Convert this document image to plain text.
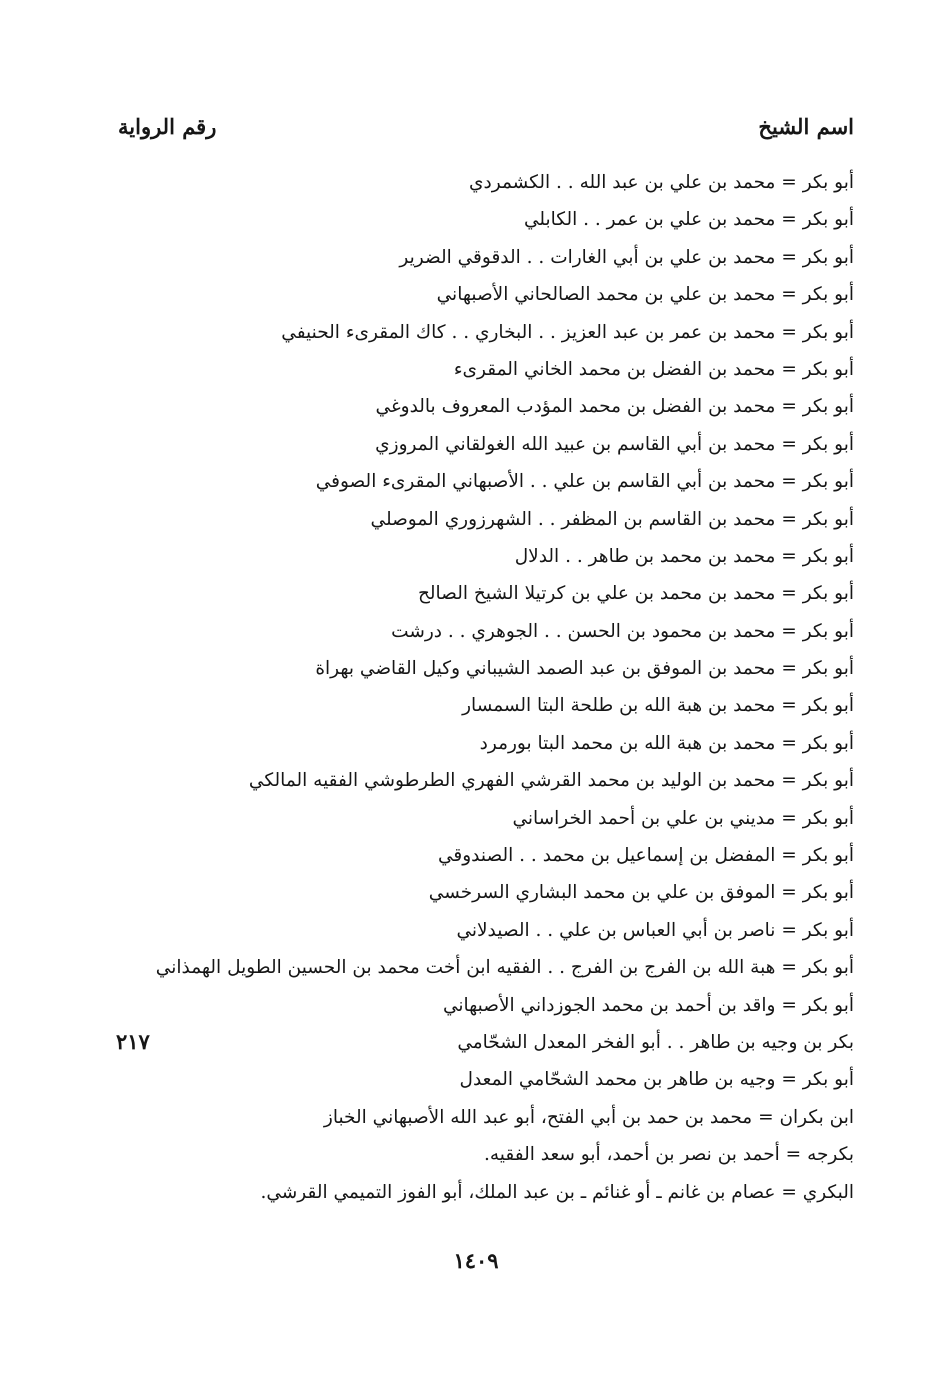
اسم الشيخ
رقم الرواية
أبو بكر = محمد بن علي بن عبد الله . . الكشمردي
أبو بكر = محمد بن علي بن عمر . . الكابلي
أبو بكر = محمد بن علي بن أبي الغارات . . الدقوقي الضرير
أبو بكر = محمد بن علي بن محمد الصالحاني الأصبهاني
أبو بكر = محمد بن عمر بن عبد العزيز . . البخاري . . كاك المقرىء الحنيفي
أبو بكر = محمد بن الفضل بن محمد الخاني المقرىء
أبو بكر = محمد بن الفضل بن محمد المؤدب المعروف بالدوغي
أبو بكر = محمد بن أبي القاسم بن عبيد الله الغولقاني المروزي
أبو بكر = محمد بن أبي القاسم بن علي . . الأصبهاني المقرىء الصوفي
أبو بكر = محمد بن القاسم بن المظفر . . الشهرزوري الموصلي
أبو بكر = محمد بن محمد بن طاهر . . الدلال
أبو بكر = محمد بن محمد بن علي بن كرتيلا الشيخ الصالح
أبو بكر = محمد بن محمود بن الحسن . . الجوهري . . درشت
أبو بكر = محمد بن الموفق بن عبد الصمد الشيباني وكيل القاضي بهراة
أبو بكر = محمد بن هبة الله بن طلحة البتا السمسار
أبو بكر = محمد بن هبة الله بن محمد البتا بورمرد
أبو بكر = محمد بن الوليد بن محمد القرشي الفهري الطرطوشي الفقيه المالكي
أبو بكر = مديني بن علي بن أحمد الخراساني
أبو بكر = المفضل بن إسماعيل بن محمد . . الصندوقي
أبو بكر = الموفق بن علي بن محمد البشاري السرخسي
أبو بكر = ناصر بن أبي العباس بن علي . . الصيدلاني
أبو بكر = هبة الله بن الفرج بن الفرج . . الفقيه ابن أخت محمد بن الحسين الطويل الهمذاني
أبو بكر = واقد بن أحمد بن محمد الجوزداني الأصبهاني
بكر بن وجيه بن طاهر . . أبو الفخر المعدل الشحّامي
أبو بكر = وجيه بن طاهر بن محمد الشحّامي المعدل
ابن بكران = محمد بن حمد بن أبي الفتح، أبو عبد الله الأصبهاني الخباز
بكرجه = أحمد بن نصر بن أحمد، أبو سعد الفقيه.
البكري = عصام بن غانم ـ أو غنائم ـ بن عبد الملك، أبو الفوز التميمي القرشي.
٢١٧
١٤٠٩
